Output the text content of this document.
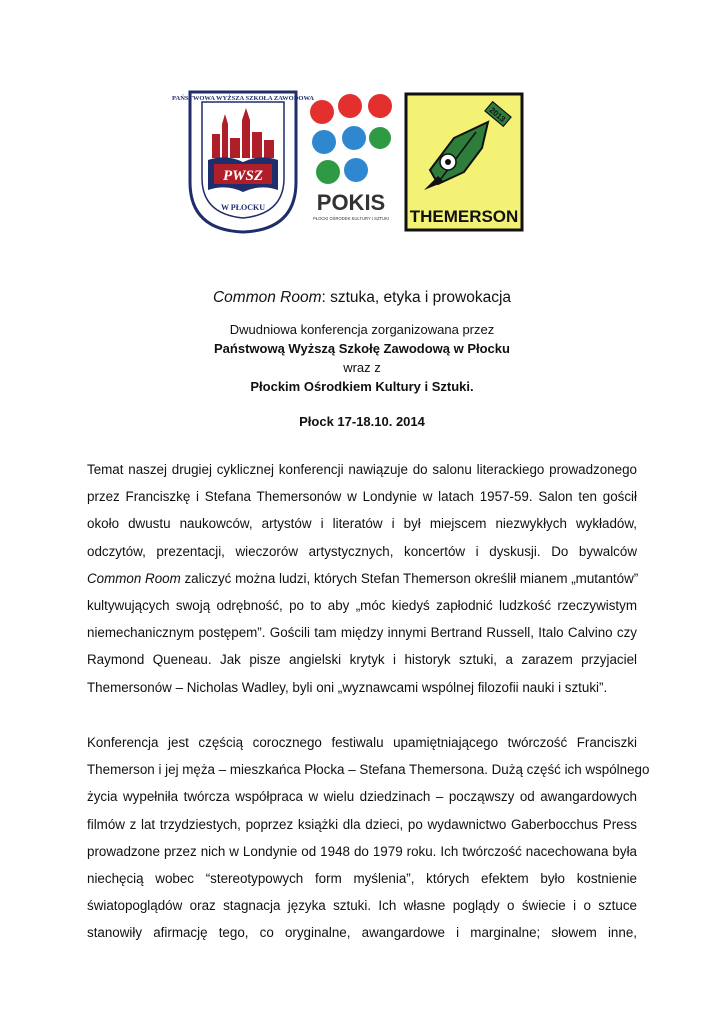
PAŃSTWOWA WYŻSZA SZKOŁA ZAWODOWA
PWSZ
W PŁOCKU POKIS
PŁOCKI OŚRODEK KULTURY I SZTUKI
2013
THEMERSON
Common Room: sztuka, etyka i prowokacja
Dwudniowa konferencja zorganizowana przez
Państwową Wyższą Szkołę Zawodową w Płocku
wraz z
Płockim Ośrodkiem Kultury i Sztuki.
Płock 17-18.10. 2014
Temat naszej drugiej cyklicznej konferencji nawiązuje do salonu literackiego prowadzonego
przez Franciszkę i Stefana Themersonów w Londynie w latach 1957-59. Salon ten gościł
około dwustu naukowców, artystów i literatów i był miejscem niezwykłych wykładów,
odczytów, prezentacji, wieczorów artystycznych, koncertów i dyskusji. Do bywalców
Common Room zaliczyć można ludzi, których Stefan Themerson określił mianem „mutantów”
kultywujących swoją odrębność, po to aby „móc kiedyś zapłodnić ludzkość rzeczywistym
niemechanicznym postępem”. Gościli tam między innymi Bertrand Russell, Italo Calvino czy
Raymond Queneau. Jak pisze angielski krytyk i historyk sztuki, a zarazem przyjaciel
Themersonów – Nicholas Wadley, byli oni „wyznawcami wspólnej filozofii nauki i sztuki”.
Konferencja jest częścią corocznego festiwalu upamiętniającego twórczość Franciszki
Themerson i jej męża – mieszkańca Płocka – Stefana Themersona. Dużą część ich wspólnego
życia wypełniła twórcza współpraca w wielu dziedzinach – począwszy od awangardowych
filmów z lat trzydziestych, poprzez książki dla dzieci, po wydawnictwo Gaberbocchus Press
prowadzone przez nich w Londynie od 1948 do 1979 roku. Ich twórczość nacechowana była
niechęcią wobec “stereotypowych form myślenia”, których efektem było kostnienie
światopoglądów oraz stagnacja języka sztuki. Ich własne poglądy o świecie i o sztuce
stanowiły afirmację tego, co oryginalne, awangardowe i marginalne; słowem inne,
